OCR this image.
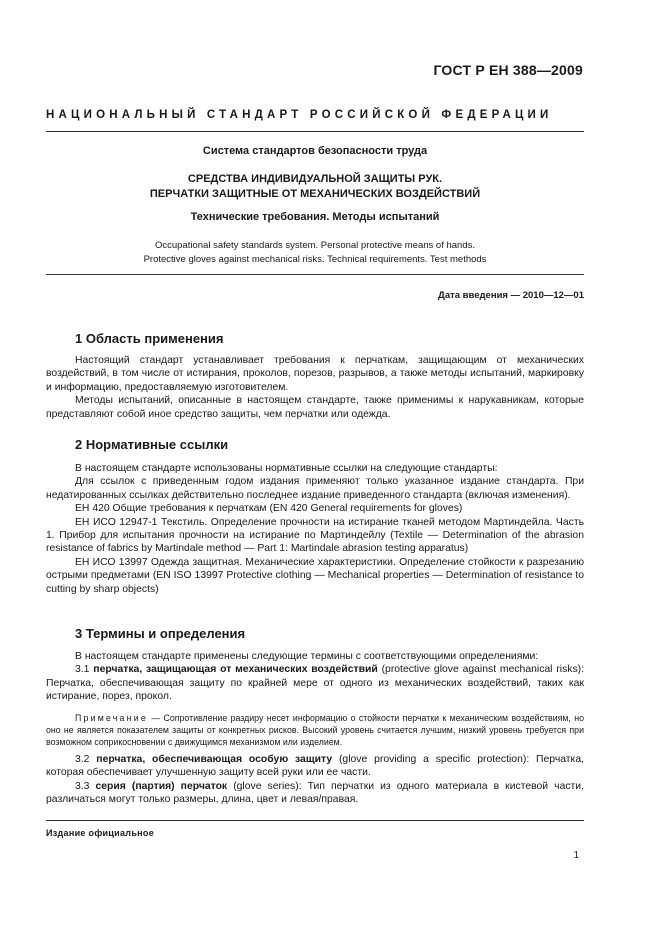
ГОСТ Р ЕН 388—2009
НАЦИОНАЛЬНЫЙ СТАНДАРТ РОССИЙСКОЙ ФЕДЕРАЦИИ
Система стандартов безопасности труда
СРЕДСТВА ИНДИВИДУАЛЬНОЙ ЗАЩИТЫ РУК.
ПЕРЧАТКИ ЗАЩИТНЫЕ ОТ МЕХАНИЧЕСКИХ ВОЗДЕЙСТВИЙ
Технические требования. Методы испытаний
Occupational safety standards system. Personal protective means of hands.
Protective gloves against mechanical risks. Technical requirements. Test methods
Дата введения — 2010—12—01
1 Область применения

Настоящий стандарт устанавливает требования к перчаткам, защищающим от механических воздействий, в том числе от истирания, проколов, порезов, разрывов, а также методы испытаний, маркировку и информацию, предоставляемую изготовителем.

Методы испытаний, описанные в настоящем стандарте, также применимы к нарукавникам, которые представляют собой иное средство защиты, чем перчатки или одежда.

2 Нормативные ссылки

В настоящем стандарте использованы нормативные ссылки на следующие стандарты:

Для ссылок с приведенным годом издания применяют только указанное издание стандарта. При недатированных ссылках действительно последнее издание приведенного стандарта (включая изменения).

ЕН 420 Общие требования к перчаткам (EN 420 General requirements for gloves)

ЕН ИСО 12947-1 Текстиль. Определение прочности на истирание тканей методом Мартиндейла. Часть 1. Прибор для испытания прочности на истирание по Мартиндейлу (Textile — Determination of the abrasion resistance of fabrics by Martindale method — Part 1: Martindale abrasion testing apparatus)

ЕН ИСО 13997 Одежда защитная. Механические характеристики. Определение стойкости к разрезанию острыми предметами (EN ISO 13997 Protective clothing — Mechanical properties — Determination of resistance to cutting by sharp objects)

3 Термины и определения

В настоящем стандарте применены следующие термины с соответствующими определениями:

3.1 перчатка, защищающая от механических воздействий (protective glove against mechanical risks): Перчатка, обеспечивающая защиту по крайней мере от одного из механических воздействий, таких как истирание, порез, прокол.

Примечание — Сопротивление раздиру несет информацию о стойкости перчатки к механическим воздействиям, но оно не является показателем защиты от конкретных рисков. Высокий уровень считается лучшим, низкий уровень требуется при возможном соприкосновении с движущимся механизмом или изделием.

3.2 перчатка, обеспечивающая особую защиту (glove providing a specific protection): Перчатка, которая обеспечивает улучшенную защиту всей руки или ее части.

3.3 серия (партия) перчаток (glove series): Тип перчатки из одного материала в кистевой части, различаться могут только размеры, длина, цвет и левая/правая.

Издание официальное
1
